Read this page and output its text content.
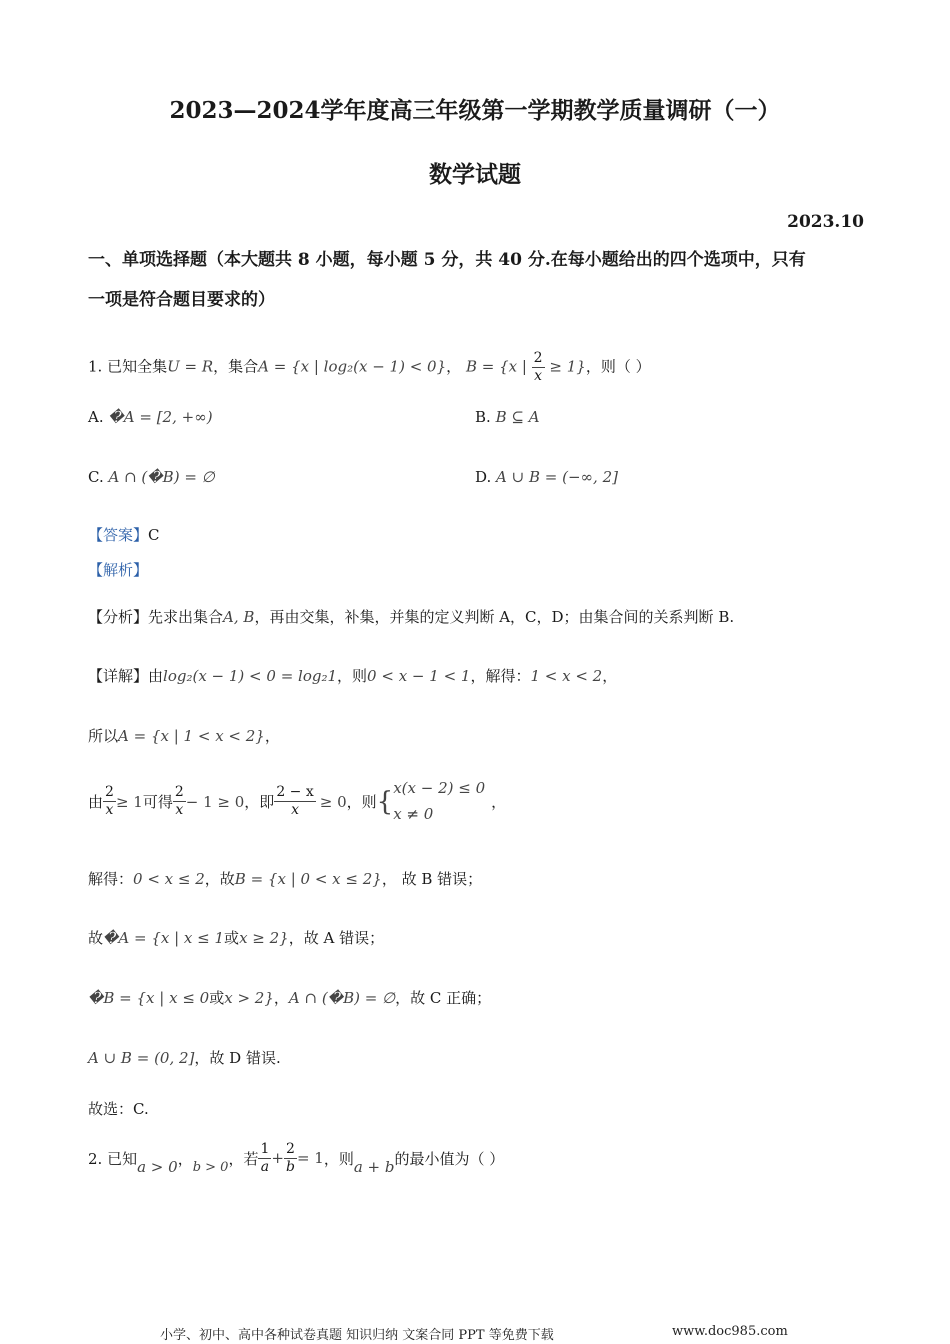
2023—2024学年度高三年级第一学期教学质量调研（一）
数学试题
2023.10
一、单项选择题（本大题共 8 小题，每小题 5 分，共 40 分.在每小题给出的四个选项中，只有
一项是符合题目要求的）
1. 已知全集U = R，集合A = {x | log₂(x − 1) < 0}， B = {x | $\frac{2}{x} \ge 1$}，则（ ）
A. �A = [2, +∞)	B. B ⊆ A
C. A ∩ (�B) = ∅	D. A ∪ B = (−∞, 2]
【答案】C
【解析】
【分析】先求出集合A, B，再由交集，补集，并集的定义判断 A，C，D；由集合间的关系判断 B.
【详解】由log₂(x − 1) < 0 = log₂1，则0 < x − 1 < 1，解得：1 < x < 2，
所以A = {x | 1 < x < 2}，
由 $\frac{2}{x} \ge 1$ 可得 $\frac{2}{x} - 1 \ge 0$ ，即 $\frac{2 - x}{x} \ge 0$ ，则 { x(x − 2) ≤ 0
x ≠ 0
，
解得：0 < x ≤ 2，故B = {x | 0 < x ≤ 2}， 故 B 错误；
故�A = {x | x ≤ 1或x ≥ 2}，故 A 错误；
�B = {x | x ≤ 0或x > 2}，A ∩ (�B) = ∅，故 C 正确；
A ∪ B = (0, 2]，故 D 错误.
故选：C.
2. 已知 a > 0 ， b > 0 ，若 $\frac{1}{a} + \frac{2}{b} = 1$ ，则 a + b 的最小值为（ ）
小学、初中、高中各种试卷真题 知识归纳 文案合同 PPT 等免费下载	www.doc985.com
